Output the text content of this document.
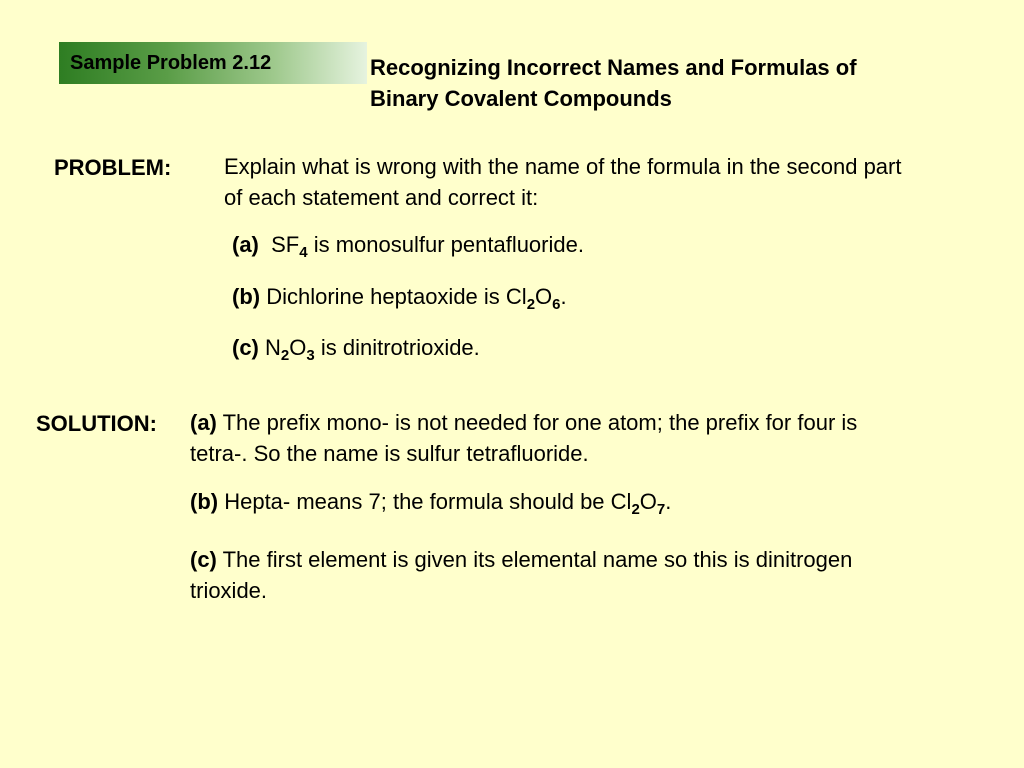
Sample Problem 2.12	Recognizing Incorrect Names and Formulas of Binary Covalent Compounds
PROBLEM: Explain what is wrong with the name of the formula in the second part of each statement and correct it:
(a) $SF_4$ is monosulfur pentafluoride.
(b) Dichlorine heptaoxide is $Cl_2O_6$.
(c) $N_2O_3$ is dinitrotrioxide.
SOLUTION: (a) The prefix mono- is not needed for one atom; the prefix for four is tetra-. So the name is sulfur tetrafluoride.
(b) Hepta- means 7; the formula should be $Cl_2O_7$.
(c) The first element is given its elemental name so this is dinitrogen trioxide.
